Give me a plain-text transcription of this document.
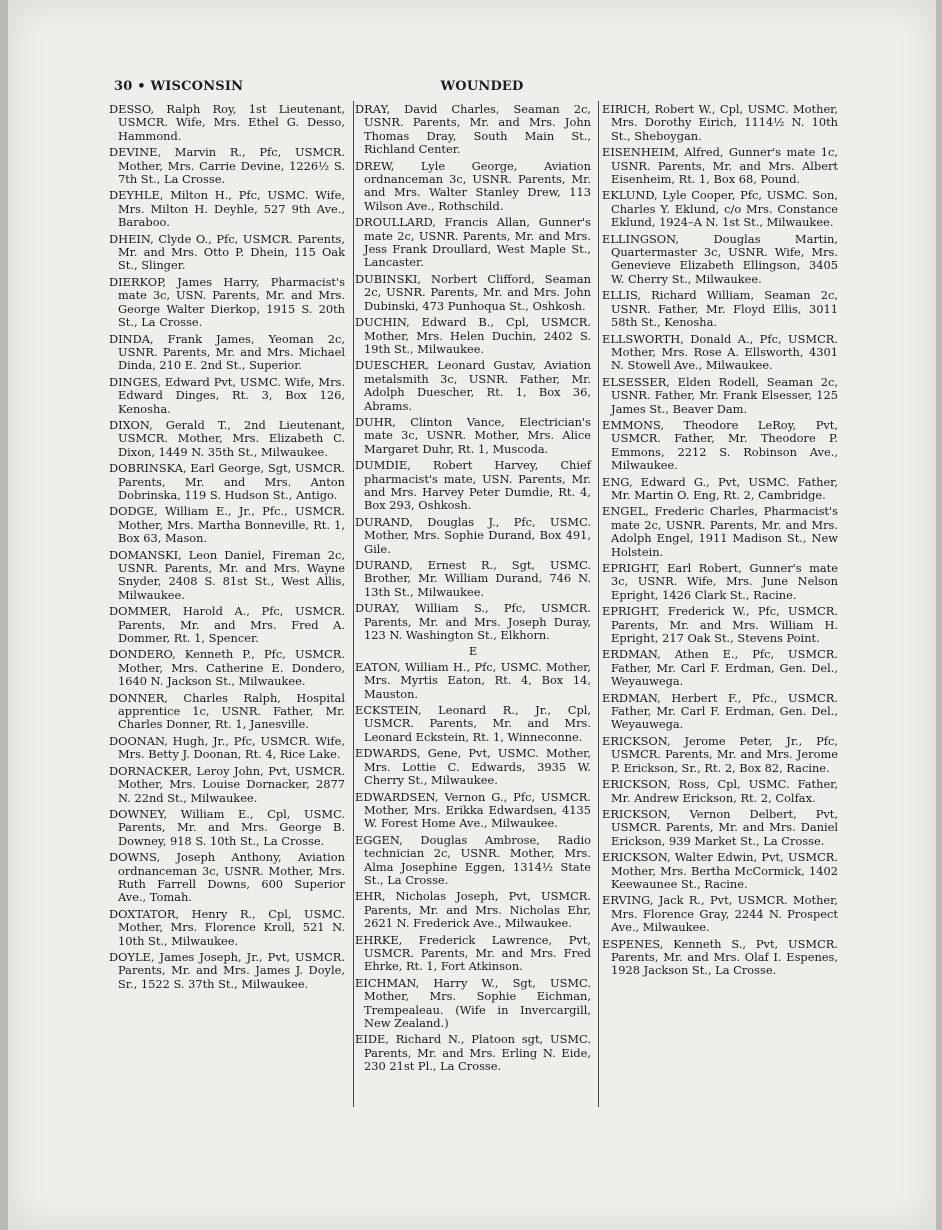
30 • WISCONSIN	WOUNDED

DESSO, Ralph Roy, 1st Lieutenant, USMCR. Wife, Mrs. Ethel G. Desso, Hammond.

DEVINE, Marvin R., Pfc, USMCR. Mother, Mrs. Carrie Devine, 1226½ S. 7th St., La Crosse.

DEYHLE, Milton H., Pfc, USMC. Wife, Mrs. Milton H. Deyhle, 527 9th Ave., Baraboo.

DHEIN, Clyde O., Pfc, USMCR. Parents, Mr. and Mrs. Otto P. Dhein, 115 Oak St., Slinger.

DIERKOP, James Harry, Pharmacist's mate 3c, USN. Parents, Mr. and Mrs. George Walter Dierkop, 1915 S. 20th St., La Crosse.

DINDA, Frank James, Yeoman 2c, USNR. Parents, Mr. and Mrs. Michael Dinda, 210 E. 2nd St., Superior.

DINGES, Edward Pvt, USMC. Wife, Mrs. Edward Dinges, Rt. 3, Box 126, Kenosha.

DIXON, Gerald T., 2nd Lieutenant, USMCR. Mother, Mrs. Elizabeth C. Dixon, 1449 N. 35th St., Milwaukee.

DOBRINSKA, Earl George, Sgt, USMCR. Parents, Mr. and Mrs. Anton Dobrinska, 119 S. Hudson St., Antigo.

DODGE, William E., Jr., Pfc., USMCR. Mother, Mrs. Martha Bonneville, Rt. 1, Box 63, Mason.

DOMANSKI, Leon Daniel, Fireman 2c, USNR. Parents, Mr. and Mrs. Wayne Snyder, 2408 S. 81st St., West Allis, Milwaukee.

DOMMER, Harold A., Pfc, USMCR. Parents, Mr. and Mrs. Fred A. Dommer, Rt. 1, Spencer.

DONDERO, Kenneth P., Pfc, USMCR. Mother, Mrs. Catherine E. Dondero, 1640 N. Jackson St., Milwaukee.

DONNER, Charles Ralph, Hospital apprentice 1c, USNR. Father, Mr. Charles Donner, Rt. 1, Janesville.

DOONAN, Hugh, Jr., Pfc, USMCR. Wife, Mrs. Betty J. Doonan, Rt. 4, Rice Lake.

DORNACKER, Leroy John, Pvt, USMCR. Mother, Mrs. Louise Dornacker, 2877 N. 22nd St., Milwaukee.

DOWNEY, William E., Cpl, USMC. Parents, Mr. and Mrs. George B. Downey, 918 S. 10th St., La Crosse.

DOWNS, Joseph Anthony, Aviation ordnanceman 3c, USNR. Mother, Mrs. Ruth Farrell Downs, 600 Superior Ave., Tomah.

DOXTATOR, Henry R., Cpl, USMC. Mother, Mrs. Florence Kroll, 521 N. 10th St., Milwaukee.

DOYLE, James Joseph, Jr., Pvt, USMCR. Parents, Mr. and Mrs. James J. Doyle, Sr., 1522 S. 37th St., Milwaukee.

DRAY, David Charles, Seaman 2c, USNR. Parents, Mr. and Mrs. John Thomas Dray, South Main St., Richland Center.

DREW, Lyle George, Aviation ordnanceman 3c, USNR. Parents, Mr. and Mrs. Walter Stanley Drew, 113 Wilson Ave., Rothschild.

DROULLARD, Francis Allan, Gunner's mate 2c, USNR. Parents, Mr. and Mrs. Jess Frank Droullard, West Maple St., Lancaster.

DUBINSKI, Norbert Clifford, Seaman 2c, USNR. Parents, Mr. and Mrs. John Dubinski, 473 Punhoqua St., Oshkosh.

DUCHIN, Edward B., Cpl, USMCR. Mother, Mrs. Helen Duchin, 2402 S. 19th St., Milwaukee.

DUESCHER, Leonard Gustav, Aviation metalsmith 3c, USNR. Father, Mr. Adolph Duescher, Rt. 1, Box 36, Abrams.

DUHR, Clinton Vance, Electrician's mate 3c, USNR. Mother, Mrs. Alice Margaret Duhr, Rt. 1, Muscoda.

DUMDIE, Robert Harvey, Chief pharmacist's mate, USN. Parents, Mr. and Mrs. Harvey Peter Dumdie, Rt. 4, Box 293, Oshkosh.

DURAND, Douglas J., Pfc, USMC. Mother, Mrs. Sophie Durand, Box 491, Gile.

DURAND, Ernest R., Sgt, USMC. Brother, Mr. William Durand, 746 N. 13th St., Milwaukee.

DURAY, William S., Pfc, USMCR. Parents, Mr. and Mrs. Joseph Duray, 123 N. Washington St., Elkhorn.

E

EATON, William H., Pfc, USMC. Mother, Mrs. Myrtis Eaton, Rt. 4, Box 14, Mauston.

ECKSTEIN, Leonard R., Jr., Cpl, USMCR. Parents, Mr. and Mrs. Leonard Eckstein, Rt. 1, Winneconne.

EDWARDS, Gene, Pvt, USMC. Mother, Mrs. Lottie C. Edwards, 3935 W. Cherry St., Milwaukee.

EDWARDSEN, Vernon G., Pfc, USMCR. Mother, Mrs. Erikka Edwardsen, 4135 W. Forest Home Ave., Milwaukee.

EGGEN, Douglas Ambrose, Radio technician 2c, USNR. Mother, Mrs. Alma Josephine Eggen, 1314½ State St., La Crosse.

EHR, Nicholas Joseph, Pvt, USMCR. Parents, Mr. and Mrs. Nicholas Ehr, 2621 N. Frederick Ave., Milwaukee.

EHRKE, Frederick Lawrence, Pvt, USMCR. Parents, Mr. and Mrs. Fred Ehrke, Rt. 1, Fort Atkinson.

EICHMAN, Harry W., Sgt, USMC. Mother, Mrs. Sophie Eichman, Trempealeau. (Wife in Invercargill, New Zealand.)

EIDE, Richard N., Platoon sgt, USMC. Parents, Mr. and Mrs. Erling N. Eide, 230 21st Pl., La Crosse.

EIRICH, Robert W., Cpl, USMC. Mother, Mrs. Dorothy Eirich, 1114½ N. 10th St., Sheboygan.

EISENHEIM, Alfred, Gunner's mate 1c, USNR. Parents, Mr. and Mrs. Albert Eisenheim, Rt. 1, Box 68, Pound.

EKLUND, Lyle Cooper, Pfc, USMC. Son, Charles Y. Eklund, c/o Mrs. Constance Eklund, 1924–A N. 1st St., Milwaukee.

ELLINGSON, Douglas Martin, Quartermaster 3c, USNR. Wife, Mrs. Genevieve Elizabeth Ellingson, 3405 W. Cherry St., Milwaukee.

ELLIS, Richard William, Seaman 2c, USNR. Father, Mr. Floyd Ellis, 3011 58th St., Kenosha.

ELLSWORTH, Donald A., Pfc, USMCR. Mother, Mrs. Rose A. Ellsworth, 4301 N. Stowell Ave., Milwaukee.

ELSESSER, Elden Rodell, Seaman 2c, USNR. Father, Mr. Frank Elsesser, 125 James St., Beaver Dam.

EMMONS, Theodore LeRoy, Pvt, USMCR. Father, Mr. Theodore P. Emmons, 2212 S. Robinson Ave., Milwaukee.

ENG, Edward G., Pvt, USMC. Father, Mr. Martin O. Eng, Rt. 2, Cambridge.

ENGEL, Frederic Charles, Pharmacist's mate 2c, USNR. Parents, Mr. and Mrs. Adolph Engel, 1911 Madison St., New Holstein.

EPRIGHT, Earl Robert, Gunner's mate 3c, USNR. Wife, Mrs. June Nelson Epright, 1426 Clark St., Racine.

EPRIGHT, Frederick W., Pfc, USMCR. Parents, Mr. and Mrs. William H. Epright, 217 Oak St., Stevens Point.

ERDMAN, Athen E., Pfc, USMCR. Father, Mr. Carl F. Erdman, Gen. Del., Weyauwega.

ERDMAN, Herbert F., Pfc., USMCR. Father, Mr. Carl F. Erdman, Gen. Del., Weyauwega.

ERICKSON, Jerome Peter, Jr., Pfc, USMCR. Parents, Mr. and Mrs. Jerome P. Erickson, Sr., Rt. 2, Box 82, Racine.

ERICKSON, Ross, Cpl, USMC. Father, Mr. Andrew Erickson, Rt. 2, Colfax.

ERICKSON, Vernon Delbert, Pvt, USMCR. Parents, Mr. and Mrs. Daniel Erickson, 939 Market St., La Crosse.

ERICKSON, Walter Edwin, Pvt, USMCR. Mother, Mrs. Bertha McCormick, 1402 Keewaunee St., Racine.

ERVING, Jack R., Pvt, USMCR. Mother, Mrs. Florence Gray, 2244 N. Prospect Ave., Milwaukee.

ESPENES, Kenneth S., Pvt, USMCR. Parents, Mr. and Mrs. Olaf I. Espenes, 1928 Jackson St., La Crosse.
